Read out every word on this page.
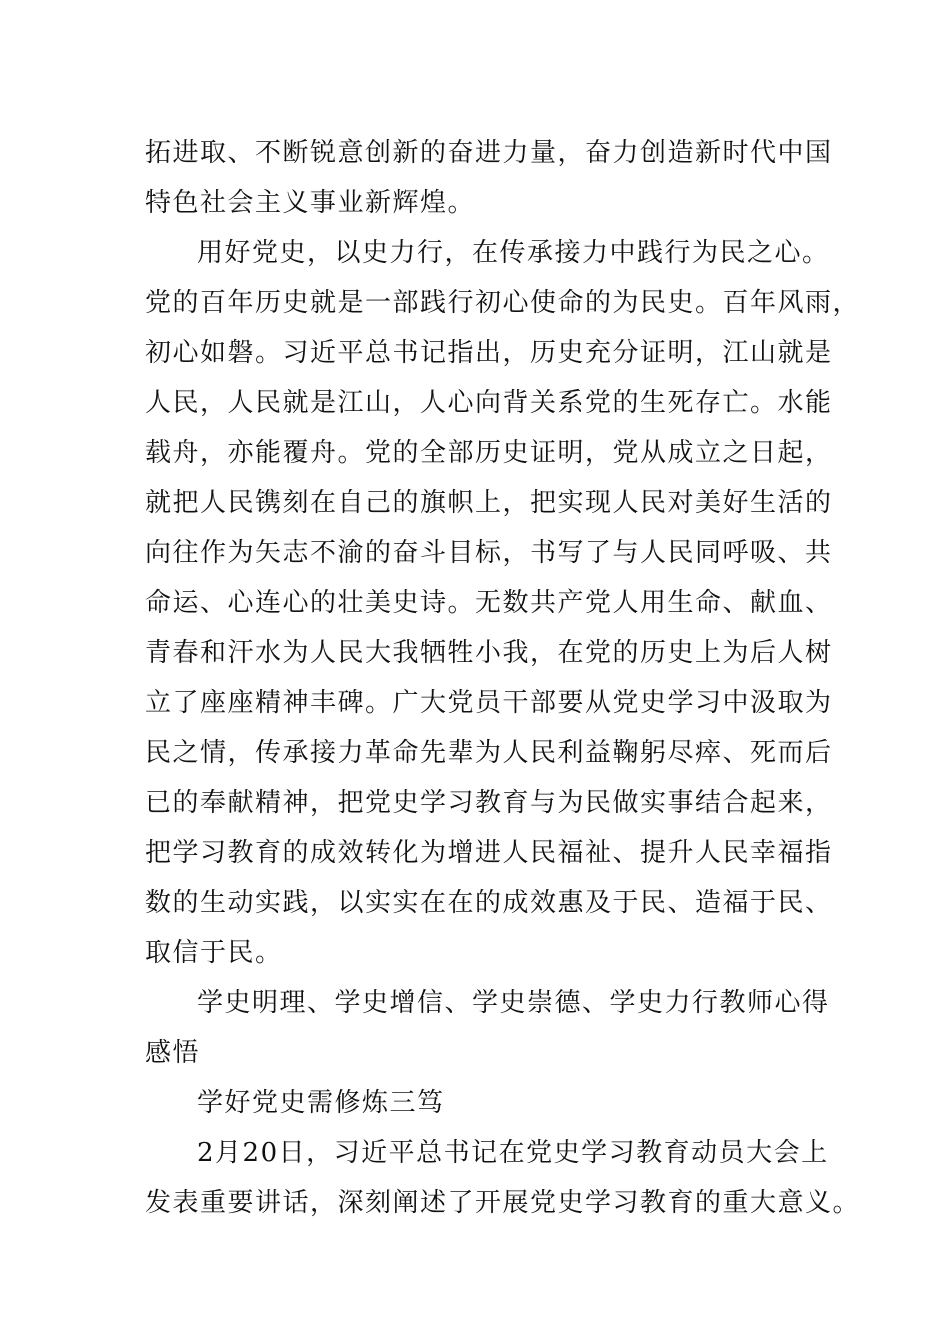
拓进取、不断锐意创新的奋进力量，奋力创造新时代中国
特色社会主义事业新辉煌。
用好党史，以史力行，在传承接力中践行为民之心。
党的百年历史就是一部践行初心使命的为民史。百年风雨，
初心如磐。习近平总书记指出，历史充分证明，江山就是
人民，人民就是江山，人心向背关系党的生死存亡。水能
载舟，亦能覆舟。党的全部历史证明，党从成立之日起，
就把人民镌刻在自己的旗帜上，把实现人民对美好生活的
向往作为矢志不渝的奋斗目标，书写了与人民同呼吸、共
命运、心连心的壮美史诗。无数共产党人用生命、献血、
青春和汗水为人民大我牺牲小我，在党的历史上为后人树
立了座座精神丰碑。广大党员干部要从党史学习中汲取为
民之情，传承接力革命先辈为人民利益鞠躬尽瘁、死而后
已的奉献精神，把党史学习教育与为民做实事结合起来，
把学习教育的成效转化为增进人民福祉、提升人民幸福指
数的生动实践，以实实在在的成效惠及于民、造福于民、
取信于民。
学史明理、学史增信、学史崇德、学史力行教师心得
感悟
学好党史需修炼三笃
2月20日，习近平总书记在党史学习教育动员大会上
发表重要讲话，深刻阐述了开展党史学习教育的重大意义。
